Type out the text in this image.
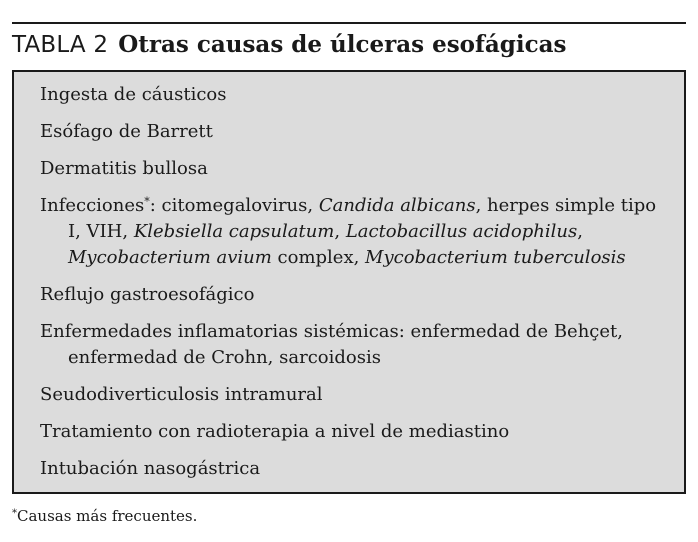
TABLA 2 Otras causas de úlceras esofágicas
Ingesta de cáusticos
Esófago de Barrett
Dermatitis bullosa
Infecciones*: citomegalovirus, Candida albicans, herpes simple tipo I, VIH, Klebsiella capsulatum, Lactobacillus acidophilus, Mycobacterium avium complex, Mycobacterium tuberculosis
Reflujo gastroesofágico
Enfermedades inflamatorias sistémicas: enfermedad de Behçet, enfermedad de Crohn, sarcoidosis
Seudodiverticulosis intramural
Tratamiento con radioterapia a nivel de mediastino
Intubación nasogástrica
*Causas más frecuentes.
